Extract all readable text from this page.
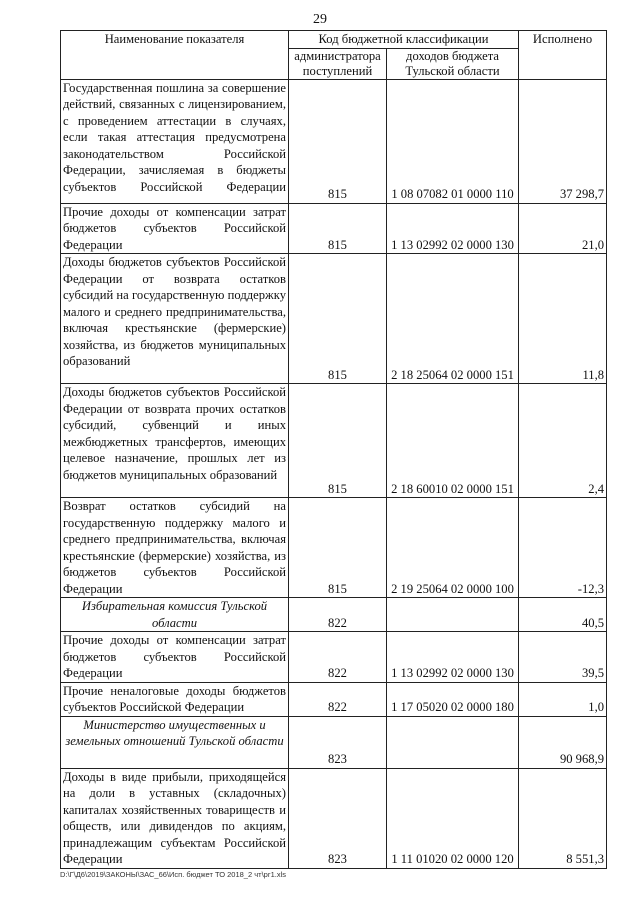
29
Наименование показателя	Код бюджетной классификации		Исполнено
	администратора поступлений	доходов бюджета Тульской области	
Государственная пошлина за совершение действий, связанных с лицензированием, с проведением аттестации в случаях, если такая аттестация предусмотрена законодательством Российской Федерации, зачисляемая в бюджеты субъектов Российской Федерации	815	1 08 07082 01 0000 110	37 298,7
Прочие доходы от компенсации затрат бюджетов субъектов Российской Федерации	815	1 13 02992 02 0000 130	21,0
Доходы бюджетов субъектов Российской Федерации от возврата остатков субсидий на государственную поддержку малого и среднего предпринимательства, включая крестьянские (фермерские) хозяйства, из бюджетов муниципальных образований	815	2 18 25064 02 0000 151	11,8
Доходы бюджетов субъектов Российской Федерации от возврата прочих остатков субсидий, субвенций и иных межбюджетных трансфертов, имеющих целевое назначение, прошлых лет из бюджетов муниципальных образований	815	2 18 60010 02 0000 151	2,4
Возврат остатков субсидий на государственную поддержку малого и среднего предпринимательства, включая крестьянские (фермерские) хозяйства, из бюджетов субъектов Российской Федерации	815	2 19 25064 02 0000 100	-12,3
Избирательная комиссия Тульской области	822		40,5
Прочие доходы от компенсации затрат бюджетов субъектов Российской Федерации	822	1 13 02992 02 0000 130	39,5
Прочие неналоговые доходы бюджетов субъектов Российской Федерации	822	1 17 05020 02 0000 180	1,0
Министерство имущественных и земельных отношений Тульской области	823		90 968,9
Доходы в виде прибыли, приходящейся на доли в уставных (складочных) капиталах хозяйственных товариществ и обществ, или дивидендов по акциям, принадлежащим субъектам Российской Федерации	823	1 11 01020 02 0000 120	8 551,3
D:\Г\Д6\2019\ЗАКОНЫ\ЗАС_66\Исп. бюджет ТО 2018_2 чт\рг1.xls
